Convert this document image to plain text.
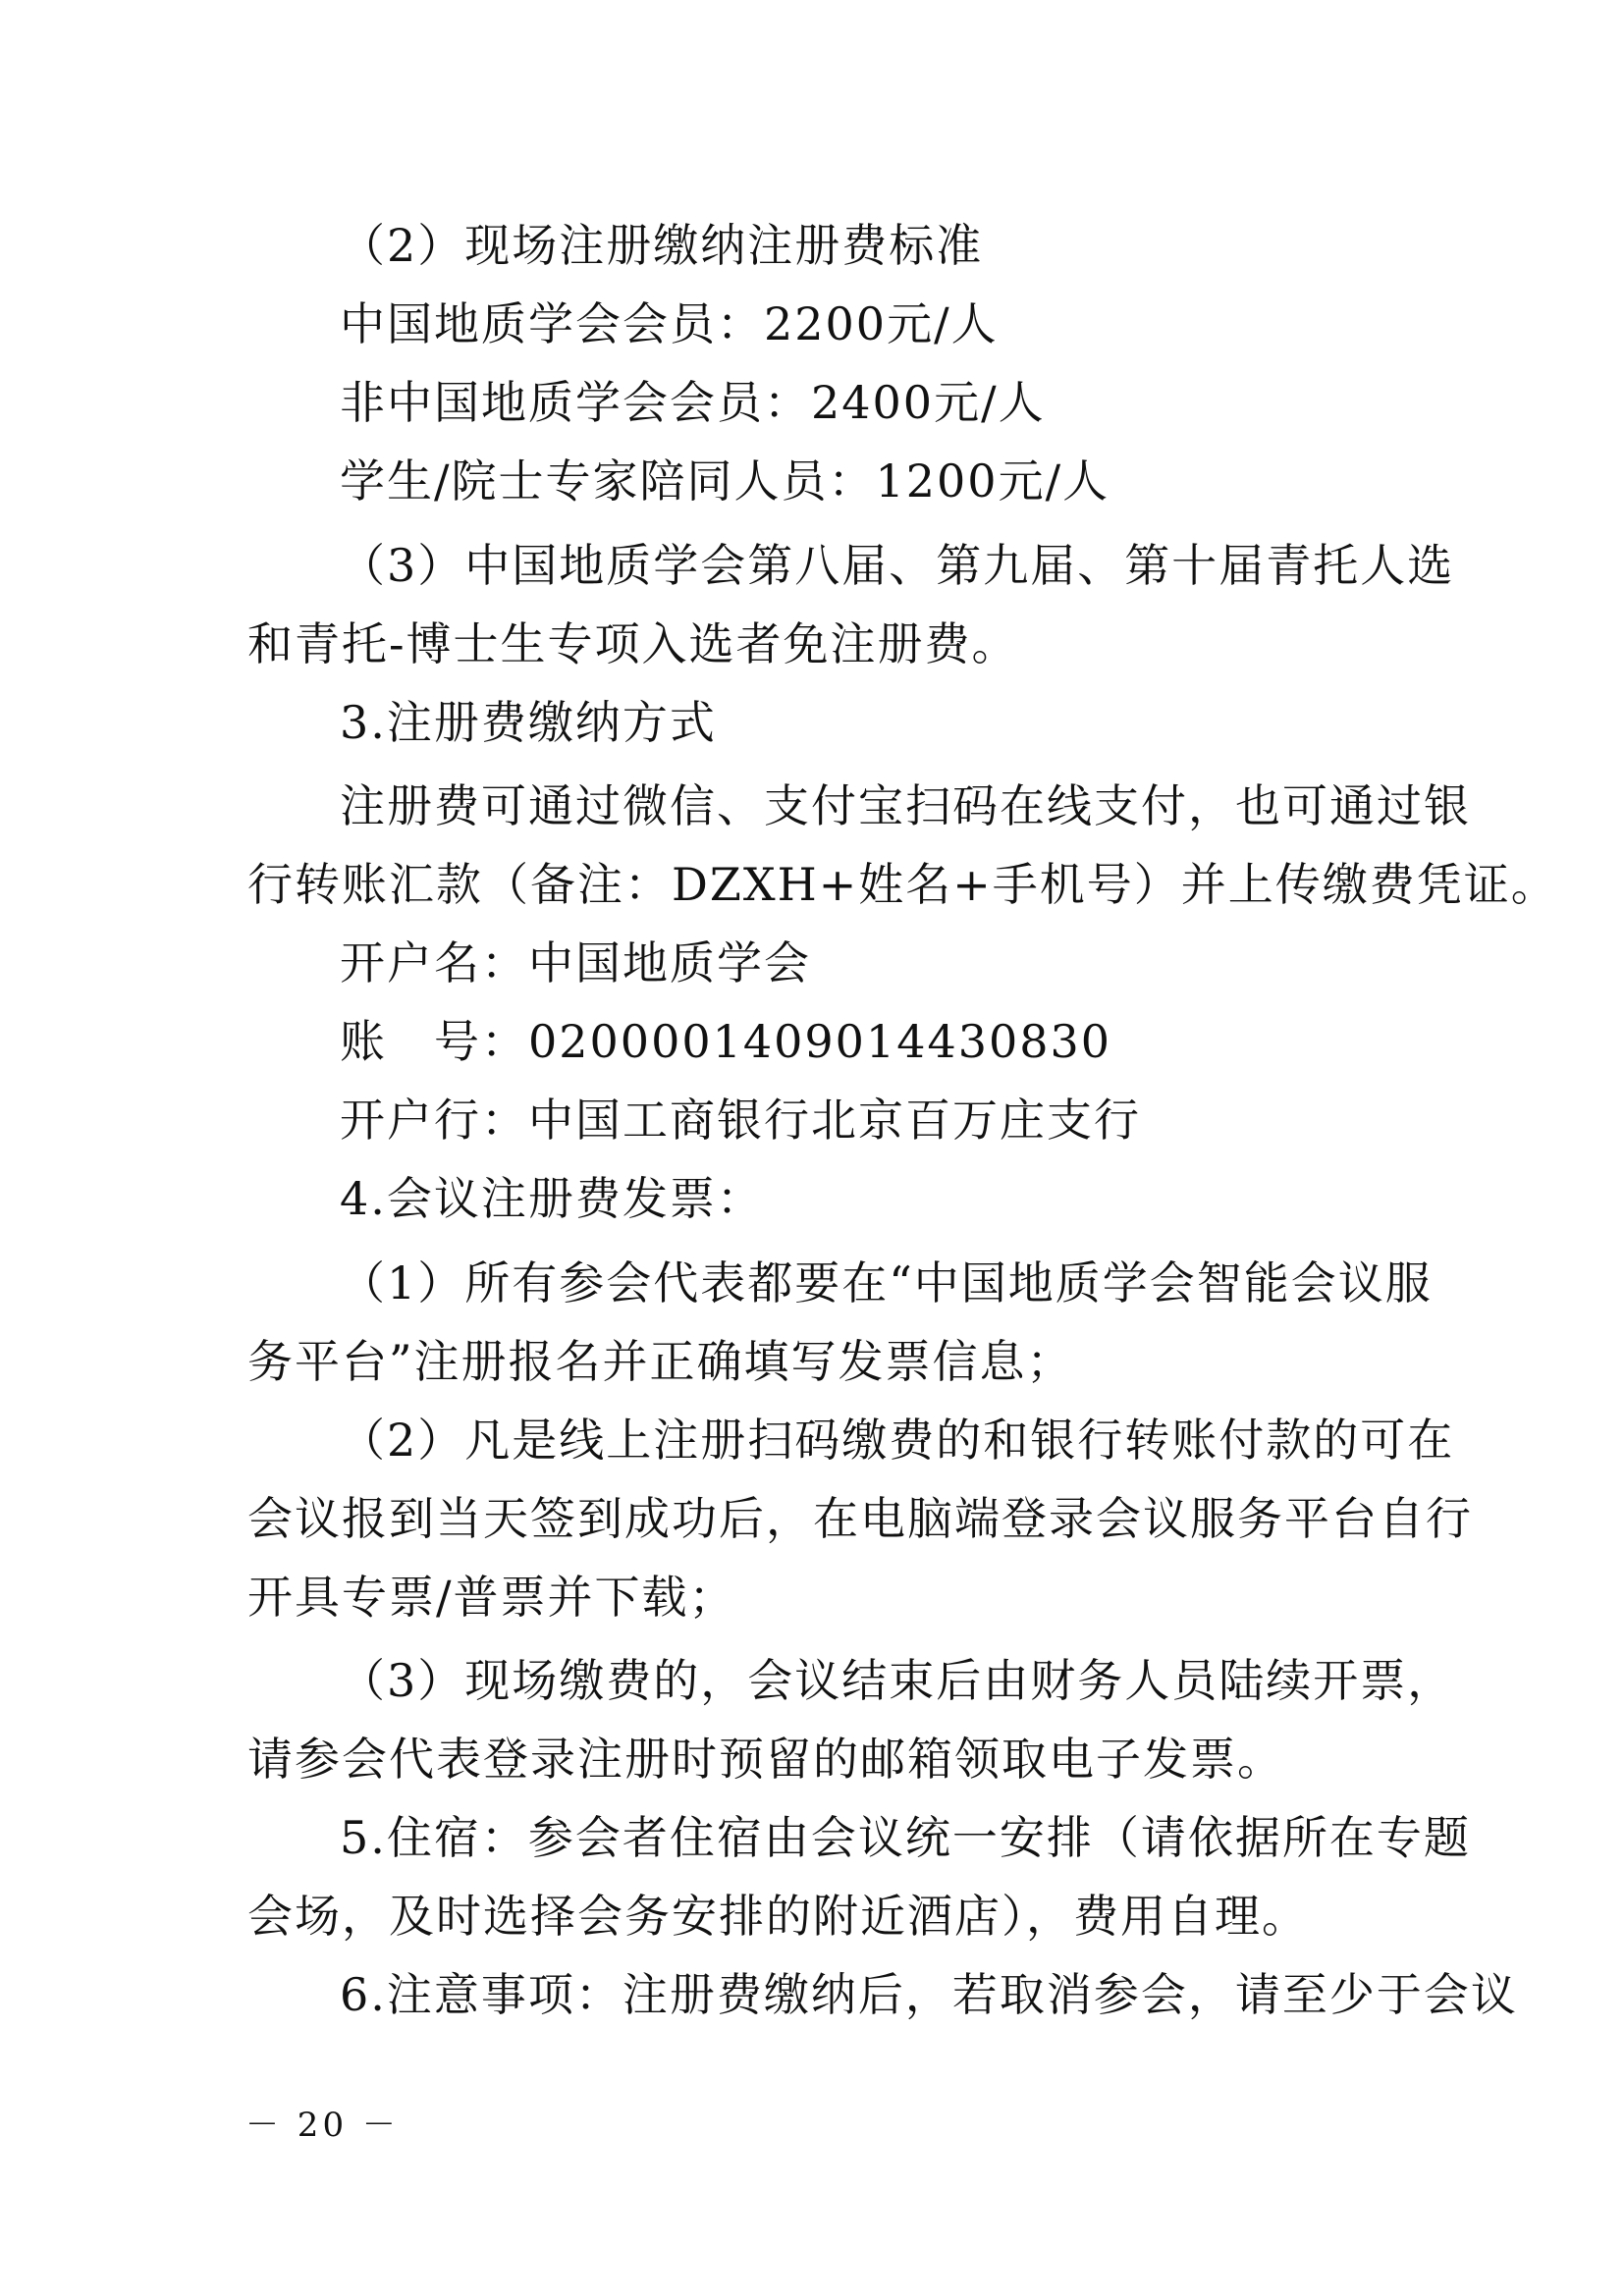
（2）现场注册缴纳注册费标准
中国地质学会会员：2200元/人
非中国地质学会会员：2400元/人
学生/院士专家陪同人员：1200元/人
（3）中国地质学会第八届、第九届、第十届青托人选
和青托-博士生专项入选者免注册费。
3.注册费缴纳方式
注册费可通过微信、支付宝扫码在线支付，也可通过银
行转账汇款（备注：DZXH+姓名+手机号）并上传缴费凭证。
开户名：中国地质学会
账　号：0200001409014430830
开户行：中国工商银行北京百万庄支行
4.会议注册费发票：
（1）所有参会代表都要在“中国地质学会智能会议服
务平台”注册报名并正确填写发票信息；
（2）凡是线上注册扫码缴费的和银行转账付款的可在
会议报到当天签到成功后，在电脑端登录会议服务平台自行
开具专票/普票并下载；
（3）现场缴费的，会议结束后由财务人员陆续开票，
请参会代表登录注册时预留的邮箱领取电子发票。
5.住宿：参会者住宿由会议统一安排（请依据所在专题
会场，及时选择会务安排的附近酒店），费用自理。
6.注意事项：注册费缴纳后，若取消参会，请至少于会议
－ 20 －
